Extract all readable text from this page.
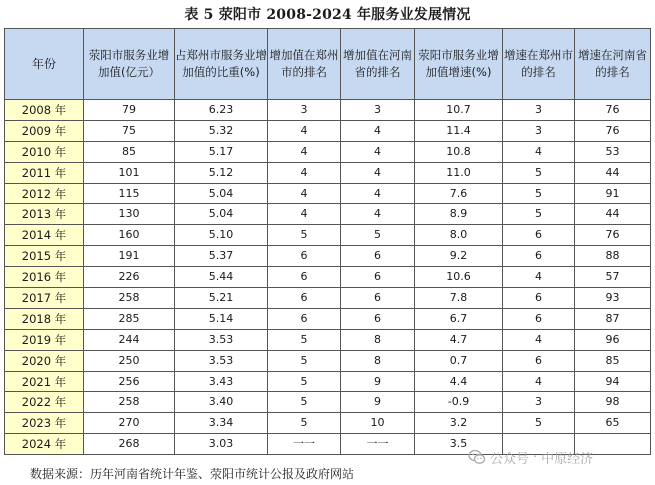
表 5 荥阳市 2008-2024 年服务业发展情况
年份	荥阳市服务业增加值(亿元）	占郑州市服务业增加值的比重(%)	增加值在郑州市的排名	增加值在河南省的排名	荥阳市服务业增加值增速(%)	增速在郑州市的排名	增速在河南省的排名
2008 年	79	6.23	3	3	10.7	3	76
2009 年	75	5.32	4	4	11.4	3	76
2010 年	85	5.17	4	4	10.8	4	53
2011 年	101	5.12	4	4	11.0	5	44
2012 年	115	5.04	4	4	7.6	5	91
2013 年	130	5.04	4	4	8.9	5	44
2014 年	160	5.10	5	5	8.0	6	76
2015 年	191	5.37	6	6	9.2	6	88
2016 年	226	5.44	6	6	10.6	4	57
2017 年	258	5.21	6	6	7.8	6	93
2018 年	285	5.14	6	6	6.7	6	87
2019 年	244	3.53	5	8	4.7	4	96
2020 年	250	3.53	5	8	0.7	6	85
2021 年	256	3.43	5	9	4.4	4	94
2022 年	258	3.40	5	9	-0.9	3	98
2023 年	270	3.34	5	10	3.2	5	65
2024 年	268	3.03	一一	一一	3.5		
数据来源：历年河南省统计年鉴、荥阳市统计公报及政府网站
公众号 · 中原经济
